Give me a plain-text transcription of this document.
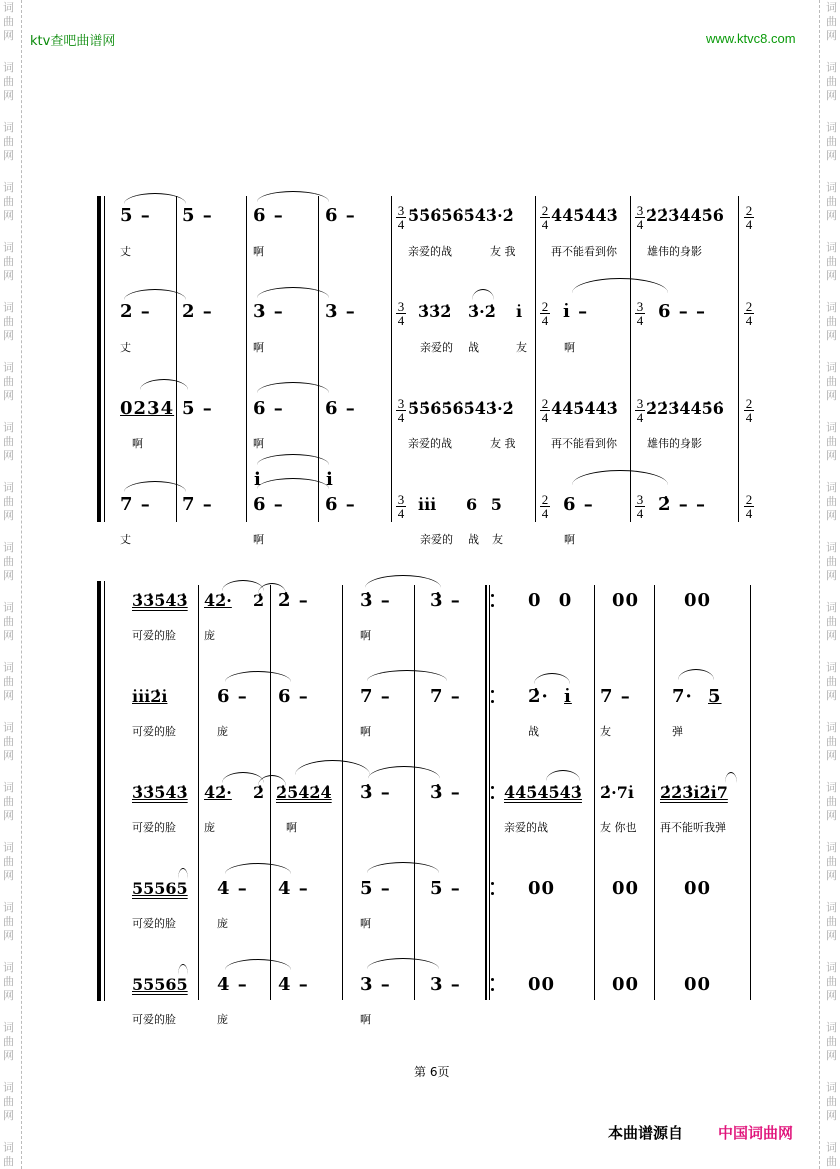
词
曲
网
词
曲
网
词
曲
网
词
曲
网
词
曲
网
词
曲
网
词
曲
网
词
曲
网
词
曲
网
词
曲
网
词
曲
网
词
曲
网
词
曲
网
词
曲
网
词
曲
网
词
曲
网
词
曲
网
词
曲
网
词
曲
网
词
曲
词
曲
网
词
曲
网
词
曲
网
词
曲
网
词
曲
网
词
曲
网
词
曲
网
词
曲
网
词
曲
网
词
曲
网
词
曲
网
词
曲
网
词
曲
网
词
曲
网
词
曲
网
词
曲
网
词
曲
网
词
曲
网
词
曲
网
词
曲
ktv查吧曲谱网	www.ktvc8.com
5 – 5 – 6 – 6 –	3
4 5̇5̇6̇5̇6̇5̇4̇3̇·2̇ 2
4 4̇4̇5̇4̇4̇3̇ 3
4 2̇2̇3̇4̇4̇5̇6̇ 2
4
丈	啊	亲爱的战	友 我	再不能看到你	雄伟的身影
2 – 2 – 3 – 3 –	3
4 3̇3̇2̇ 3̇·2̇ i̇ 2
4 i̇ –	3
4 6 – –	2
4
丈	啊	亲爱的 战	友	啊
0234 5 – 6 – 6 –	3
4 5̇5̇6̇5̇6̇5̇4̇3̇·2̇ 2
4 4̇4̇5̇4̇4̇3̇ 3
4 2̇2̇3̇4̇4̇5̇6̇ 2
4
啊	啊	亲爱的战	友 我	再不能看到你	雄伟的身影
7 – 7 – 6 – 6 –
i	i
3
4 i̇i̇i̇ 6 5	2
4 6 –	3
4 2̇ – –	2
4
丈	啊	亲爱的 战 友	啊
3̇3̇5̇4̇3̇ 4̇2̇· 2̇ 2̇ –	3̇ – 3̇ –	0 0 00 00
可爱的脸	庞	啊
i̇i̇i̇2̇i̇	6 – 6 –	7 – 7 –	2̇· i̇ 7 – 7· 5
可爱的脸	庞	啊	战	友	弹
3̇3̇5̇4̇3̇ 4̇2̇· 2̇ 2̇5̇4̇2̇4̇ 3̇ – 3̇ –	4̇4̇5̇4̇5̇4̇3̇ 2̇·7i̇ 2̇2̇3̇i̇2̇i̇7
可爱的脸	庞	啊	亲爱的战	友 你也 再不能听我弹
55565 4 – 4 –	5 – 5 –	00	00 00
可爱的脸	庞	啊
55565 4 – 4 –	3 – 3 –	00	00 00
可爱的脸	庞	啊
第 6页
本曲谱源自 中国词曲网
